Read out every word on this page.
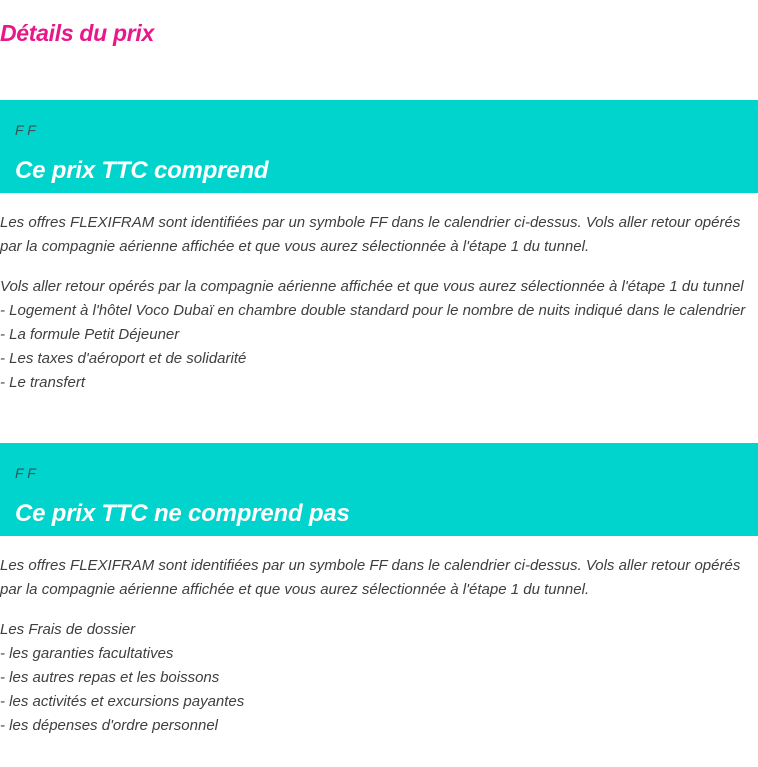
Détails du prix
F F
Ce prix TTC comprend

Les offres FLEXIFRAM sont identifiées par un symbole FF dans le calendrier ci-dessus. Vols aller retour opérés par la compagnie aérienne affichée et que vous aurez sélectionnée à l'étape 1 du tunnel.

Vols aller retour opérés par la compagnie aérienne affichée et que vous aurez sélectionnée à l'étape 1 du tunnel
- Logement à l'hôtel Voco Dubaï en chambre double standard pour le nombre de nuits indiqué dans le calendrier
- La formule Petit Déjeuner
- Les taxes d'aéroport et de solidarité
- Le transfert
F F
Ce prix TTC ne comprend pas

Les offres FLEXIFRAM sont identifiées par un symbole FF dans le calendrier ci-dessus. Vols aller retour opérés par la compagnie aérienne affichée et que vous aurez sélectionnée à l'étape 1 du tunnel.

Les Frais de dossier
- les garanties facultatives
- les autres repas et les boissons
- les activités et excursions payantes
- les dépenses d'ordre personnel
